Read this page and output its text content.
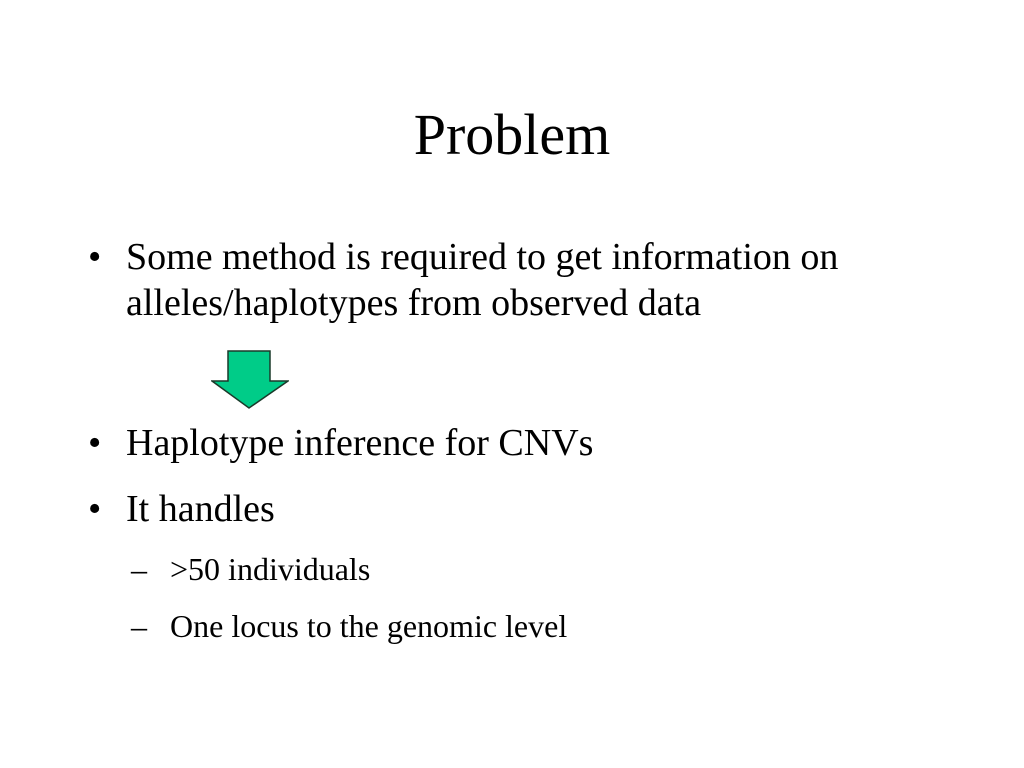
Problem
• Some method is required to get information on alleles/haplotypes from observed data
• Haplotype inference for CNVs
• It handles
– >50 individuals
– One locus to the genomic level
